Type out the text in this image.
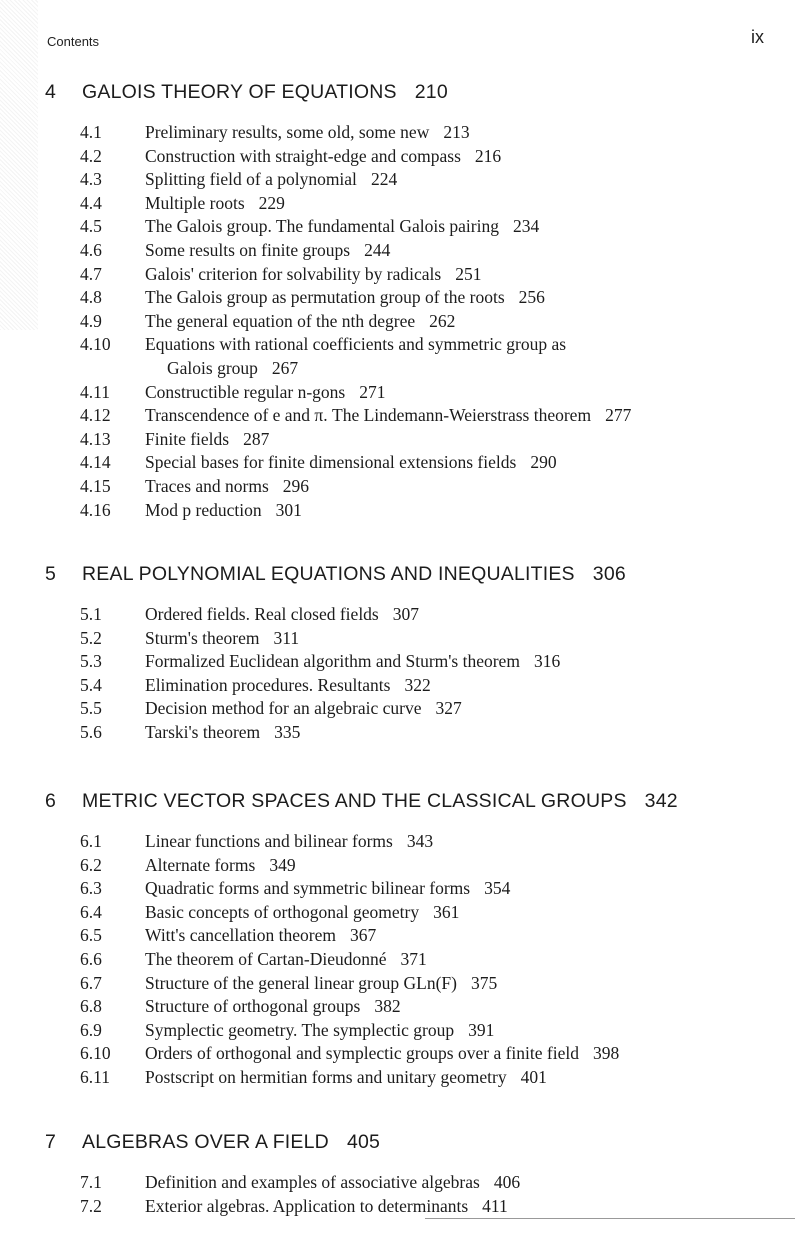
Contents	ix
4 GALOIS THEORY OF EQUATIONS 210
4.1	Preliminary results, some old, some new 213
4.2	Construction with straight-edge and compass 216
4.3	Splitting field of a polynomial 224
4.4	Multiple roots 229
4.5	The Galois group. The fundamental Galois pairing 234
4.6	Some results on finite groups 244
4.7	Galois' criterion for solvability by radicals 251
4.8	The Galois group as permutation group of the roots 256
4.9	The general equation of the nth degree 262
4.10	Equations with rational coefficients and symmetric group as
Galois group 267
4.11	Constructible regular n-gons 271
4.12	Transcendence of e and π. The Lindemann-Weierstrass theorem 277
4.13	Finite fields 287
4.14	Special bases for finite dimensional extensions fields 290
4.15	Traces and norms 296
4.16	Mod p reduction 301
5 REAL POLYNOMIAL EQUATIONS AND INEQUALITIES 306
5.1	Ordered fields. Real closed fields 307
5.2	Sturm's theorem 311
5.3	Formalized Euclidean algorithm and Sturm's theorem 316
5.4	Elimination procedures. Resultants 322
5.5	Decision method for an algebraic curve 327
5.6	Tarski's theorem 335
6 METRIC VECTOR SPACES AND THE CLASSICAL GROUPS 342
6.1	Linear functions and bilinear forms 343
6.2	Alternate forms 349
6.3	Quadratic forms and symmetric bilinear forms 354
6.4	Basic concepts of orthogonal geometry 361
6.5	Witt's cancellation theorem 367
6.6	The theorem of Cartan-Dieudonné 371
6.7	Structure of the general linear group GLn(F) 375
6.8	Structure of orthogonal groups 382
6.9	Symplectic geometry. The symplectic group 391
6.10	Orders of orthogonal and symplectic groups over a finite field 398
6.11	Postscript on hermitian forms and unitary geometry 401
7 ALGEBRAS OVER A FIELD 405
7.1	Definition and examples of associative algebras 406
7.2	Exterior algebras. Application to determinants 411
